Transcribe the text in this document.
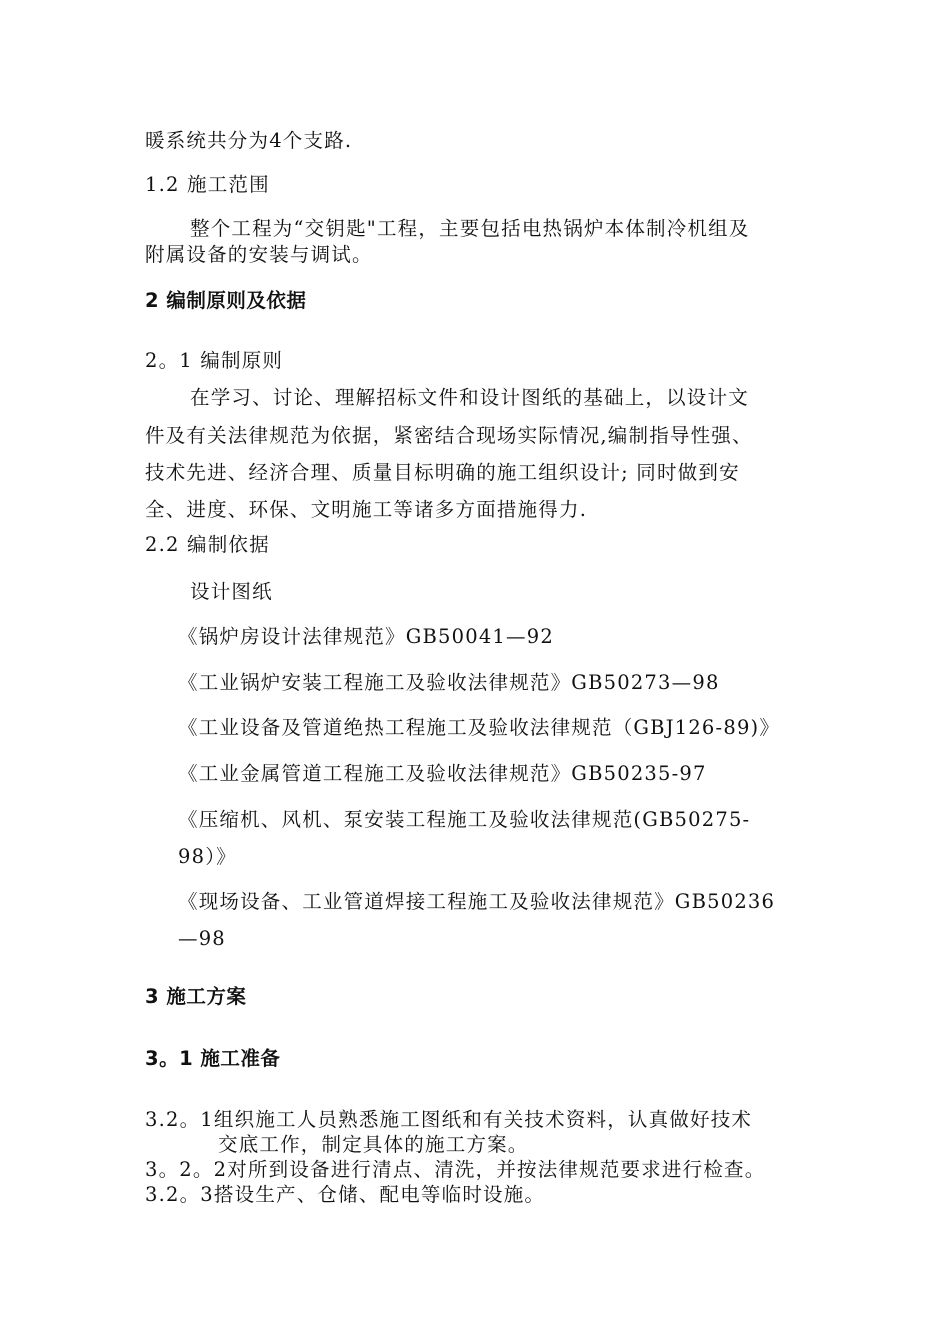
暖系统共分为4个支路.
1.2 施工范围
整个工程为“交钥匙"工程，主要包括电热锅炉本体制冷机组及
附属设备的安装与调试。
2 编制原则及依据
2。1 编制原则
在学习、讨论、理解招标文件和设计图纸的基础上，以设计文
件及有关法律规范为依据，紧密结合现场实际情况,编制指导性强、
技术先进、经济合理、质量目标明确的施工组织设计; 同时做到安
全、进度、环保、文明施工等诸多方面措施得力.
2.2 编制依据
设计图纸
《锅炉房设计法律规范》GB50041—92
《工业锅炉安装工程施工及验收法律规范》GB50273—98
《工业设备及管道绝热工程施工及验收法律规范（GBJ126-89)》
《工业金属管道工程施工及验收法律规范》GB50235-97
《压缩机、风机、泵安装工程施工及验收法律规范(GB50275-
98）》
《现场设备、工业管道焊接工程施工及验收法律规范》GB50236
—98
3 施工方案
3。1 施工准备
3.2。1组织施工人员熟悉施工图纸和有关技术资料，认真做好技术
交底工作，制定具体的施工方案。
3。2。2对所到设备进行清点、清洗，并按法律规范要求进行检查。
3.2。3搭设生产、仓储、配电等临时设施。
